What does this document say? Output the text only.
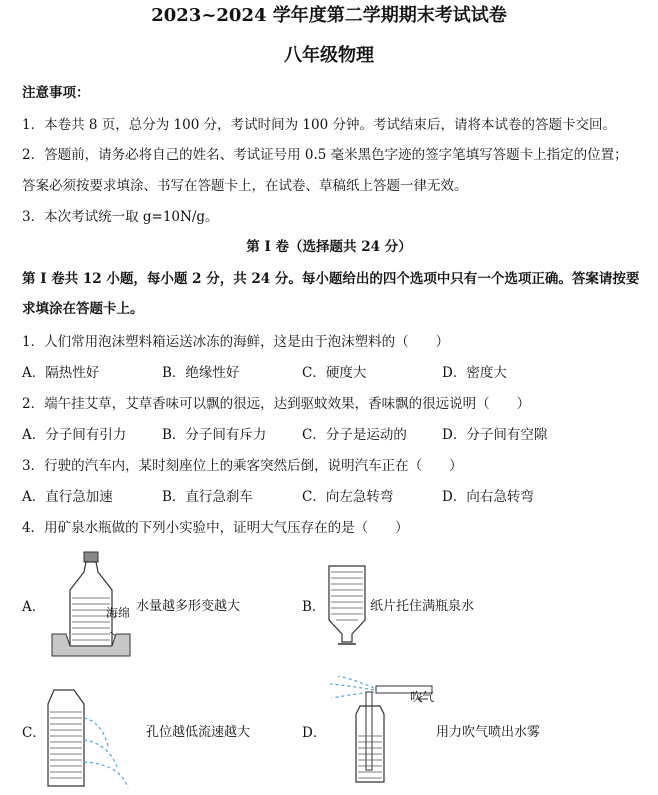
2023~2024 学年度第二学期期末考试试卷
八年级物理
注意事项：
1．本卷共 8 页，总分为 100 分，考试时间为 100 分钟。考试结束后，请将本试卷的答题卡交回。
2．答题前，请务必将自己的姓名、考试证号用 0.5 毫米黑色字迹的签字笔填写答题卡上指定的位置；
答案必须按要求填涂、书写在答题卡上，在试卷、草稿纸上答题一律无效。
3．本次考试统一取 g=10N/g。
第 I 卷（选择题共 24 分）
第 I 卷共 12 小题，每小题 2 分，共 24 分。每小题给出的四个选项中只有一个选项正确。答案请按要
求填涂在答题卡上。
1．人们常用泡沫塑料箱运送冰冻的海鲜，这是由于泡沫塑料的（　　）
A．隔热性好	B．绝缘性好	C．硬度大	D．密度大
2．端午挂艾草，艾草香味可以飘的很远，达到驱蚊效果，香味飘的很远说明（　　）
A．分子间有引力	B．分子间有斥力	C．分子是运动的	D．分子间有空隙
3．行驶的汽车内，某时刻座位上的乘客突然后倒，说明汽车正在（　　）
A．直行急加速	B．直行急刹车	C．向左急转弯	D．向右急转弯
4．用矿泉水瓶做的下列小实验中，证明大气压存在的是（　　）
A．	海绵 水量越多形变越大	B．	纸片托住满瓶泉水
C．	孔位越低流速越大	D．
吹气
用力吹气喷出水雾
